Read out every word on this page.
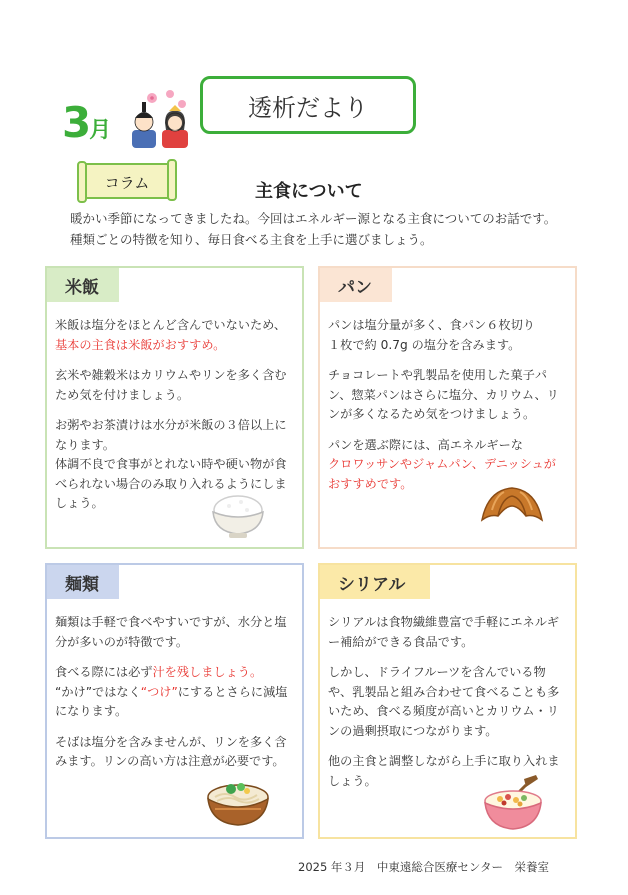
3月
透析だより
コラム	主食について
暖かい季節になってきましたね。今回はエネルギー源となる主食についてのお話です。
種類ごとの特徴を知り、毎日食べる主食を上手に選びましょう。
米飯

米飯は塩分をほとんど含んでいないため、
基本の主食は米飯がおすすめ。

玄米や雑穀米はカリウムやリンを多く含むため気を付けましょう。

お粥やお茶漬けは水分が米飯の３倍以上になります。
体調不良で食事がとれない時や硬い物が食べられない場合のみ取り入れるようにしましょう。

パン

パンは塩分量が多く、食パン６枚切り
１枚で約 0.7g の塩分を含みます。

チョコレートや乳製品を使用した菓子パン、惣菜パンはさらに塩分、カリウム、リンが多くなるため気をつけましょう。

パンを選ぶ際には、高エネルギーな
クロワッサンやジャムパン、デニッシュがおすすめです。

麺類

麺類は手軽で食べやすいですが、水分と塩分が多いのが特徴です。

食べる際には必ず汁を残しましょう。
“かけ”ではなく“つけ”にするとさらに減塩になります。

そばは塩分を含みませんが、リンを多く含みます。リンの高い方は注意が必要です。

シリアル

シリアルは食物繊維豊富で手軽にエネルギー補給ができる食品です。

しかし、ドライフルーツを含んでいる物や、乳製品と組み合わせて食べることも多いため、食べる頻度が高いとカリウム・リンの過剰摂取につながります。

他の主食と調整しながら上手に取り入れましょう。

2025 年３月　中東遠総合医療センター　栄養室
